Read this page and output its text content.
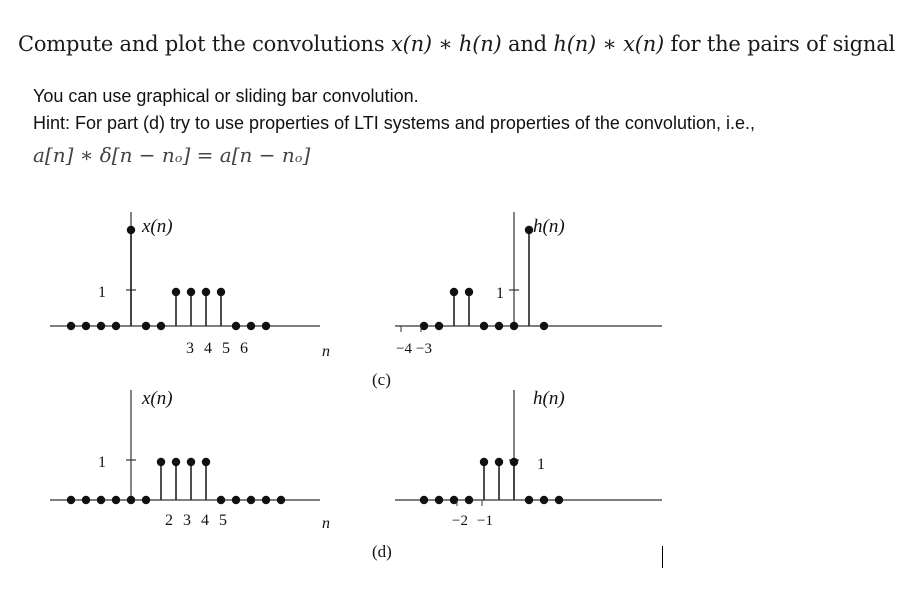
Compute and plot the convolutions x(n) ∗ h(n) and h(n) ∗ x(n) for the pairs of signal
You can use graphical or sliding bar convolution.
Hint: For part (d) try to use properties of LTI systems and properties of the convolution, i.e.,
a[n] ∗ δ[n − nₒ] = a[n − nₒ]
x(n)
1
h(n)
1
3 4 5 6	n	−4 −3
(c)
x(n)
1
h(n)
1
2 3 4 5	n	−2 −1
(d)
